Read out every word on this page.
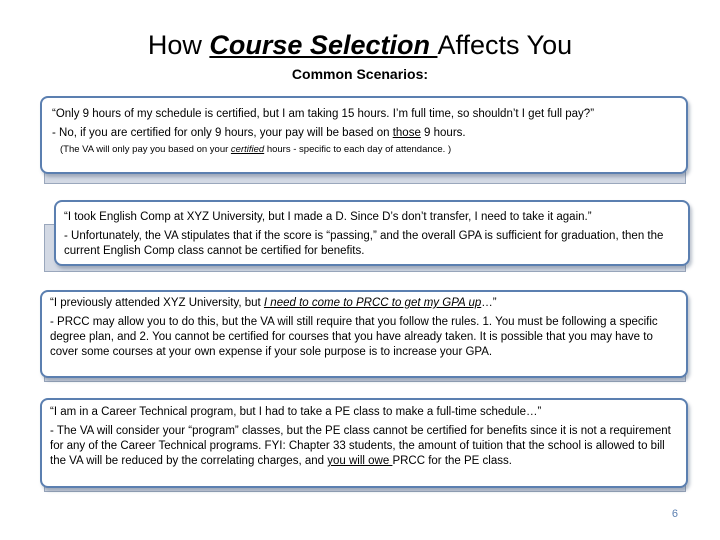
How Course Selection Affects You
Common Scenarios:

“Only 9 hours of my schedule is certified, but I am taking 15 hours. I’m full time, so shouldn’t I get full pay?”

- No, if you are certified for only 9 hours, your pay will be based on those 9 hours.

(The VA will only pay you based on your certified hours - specific to each day of attendance. )

“I took English Comp at XYZ University, but I made a D. Since D’s don’t transfer, I need to take it again.”

- Unfortunately, the VA stipulates that if the score is “passing,” and the overall GPA is sufficient for graduation, then the current English Comp class cannot be certified for benefits.

“I previously attended XYZ University, but I need to come to PRCC to get my GPA up…”

- PRCC may allow you to do this, but the VA will still require that you follow the rules. 1. You must be following a specific degree plan, and 2. You cannot be certified for courses that you have already taken. It is possible that you may have to cover some courses at your own expense if your sole purpose is to increase your GPA.

“I am in a Career Technical program, but I had to take a PE class to make a full-time schedule…”

- The VA will consider your “program” classes, but the PE class cannot be certified for benefits since it is not a requirement for any of the Career Technical programs. FYI: Chapter 33 students, the amount of tuition that the school is allowed to bill the VA will be reduced by the correlating charges, and you will owe PRCC for the PE class.

6
